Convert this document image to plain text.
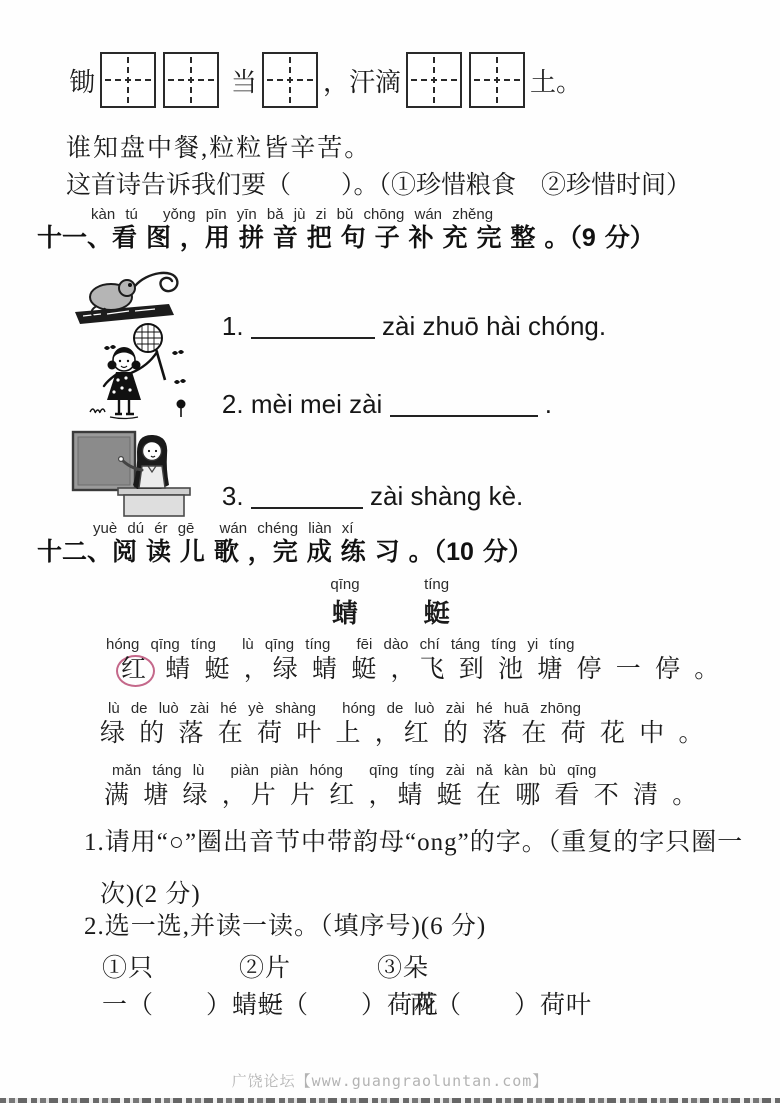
锄	当	，汗滴	土。
谁知盘中餐,粒粒皆辛苦。
这首诗告诉我们要（　　）。（①珍惜粮食　②珍惜时间）
kàn tú　 yǒng pīn yīn bǎ jù zi bǔ chōng wán zhěng
十一、看 图 ，用 拼 音 把 句 子 补 充 完 整 。（9 分）

1.	zài zhuō hài chóng.

2. mèi mei zài	.

3.	zài shàng kè.

yuè dú ér gē　 wán chéng liàn xí
十二、阅 读 儿 歌 ，完 成 练 习 。（10 分）
qīng
蜻
tíng
蜓
hóng qīng tíng　 lù qīng tíng　 fēi dào chí táng tíng yi tíng
红 蜻 蜓 ，绿 蜻 蜓 ，飞 到 池 塘 停 一 停 。
lù de luò zài hé yè shàng　 hóng de luò zài hé huā zhōng
绿 的 落 在 荷 叶 上 ，红 的 落 在 荷 花 中 。
mǎn táng lù　 piàn piàn hóng　 qīng tíng zài nǎ kàn bù qīng
满 塘 绿 ，片 片 红 ，蜻 蜓 在 哪 看 不 清 。
1.请用“○”圈出音节中带韵母“ong”的字。（重复的字只圈一
次)(2 分)
2.选一选,并读一读。（填序号)(6 分)
①只	②片	③朵
一（　　）蜻蜓
一（　　）荷花
两（　　）荷叶
广饶论坛【www.guangraoluntan.com】
